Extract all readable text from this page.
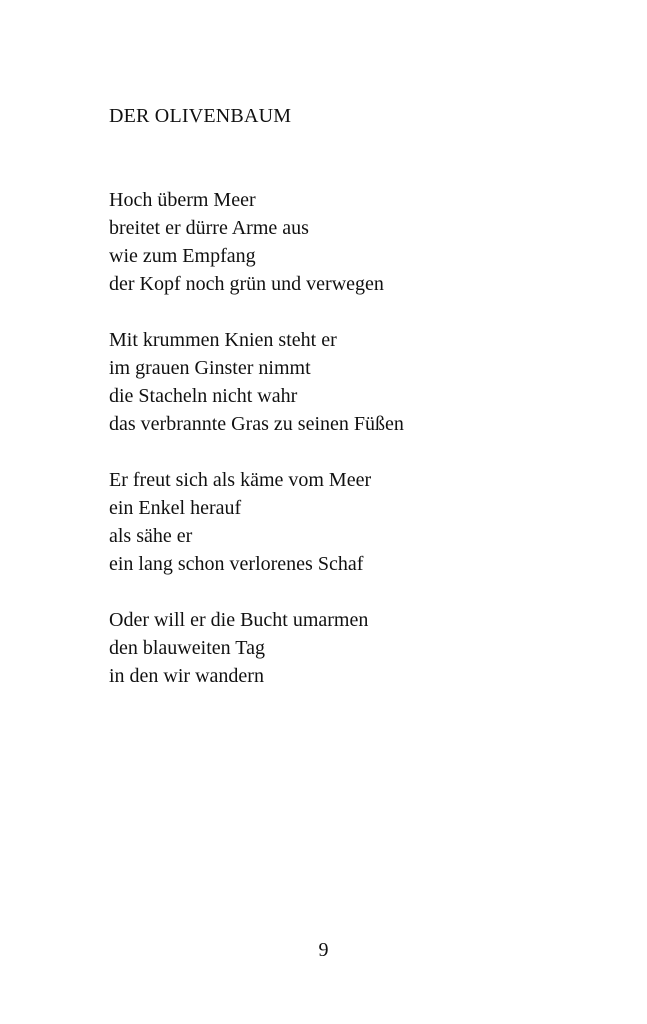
DER OLIVENBAUM
Hoch überm Meer
breitet er dürre Arme aus
wie zum Empfang
der Kopf noch grün und verwegen
Mit krummen Knien steht er
im grauen Ginster nimmt
die Stacheln nicht wahr
das verbrannte Gras zu seinen Füßen
Er freut sich als käme vom Meer
ein Enkel herauf
als sähe er
ein lang schon verlorenes Schaf
Oder will er die Bucht umarmen
den blauweiten Tag
in den wir wandern
9
